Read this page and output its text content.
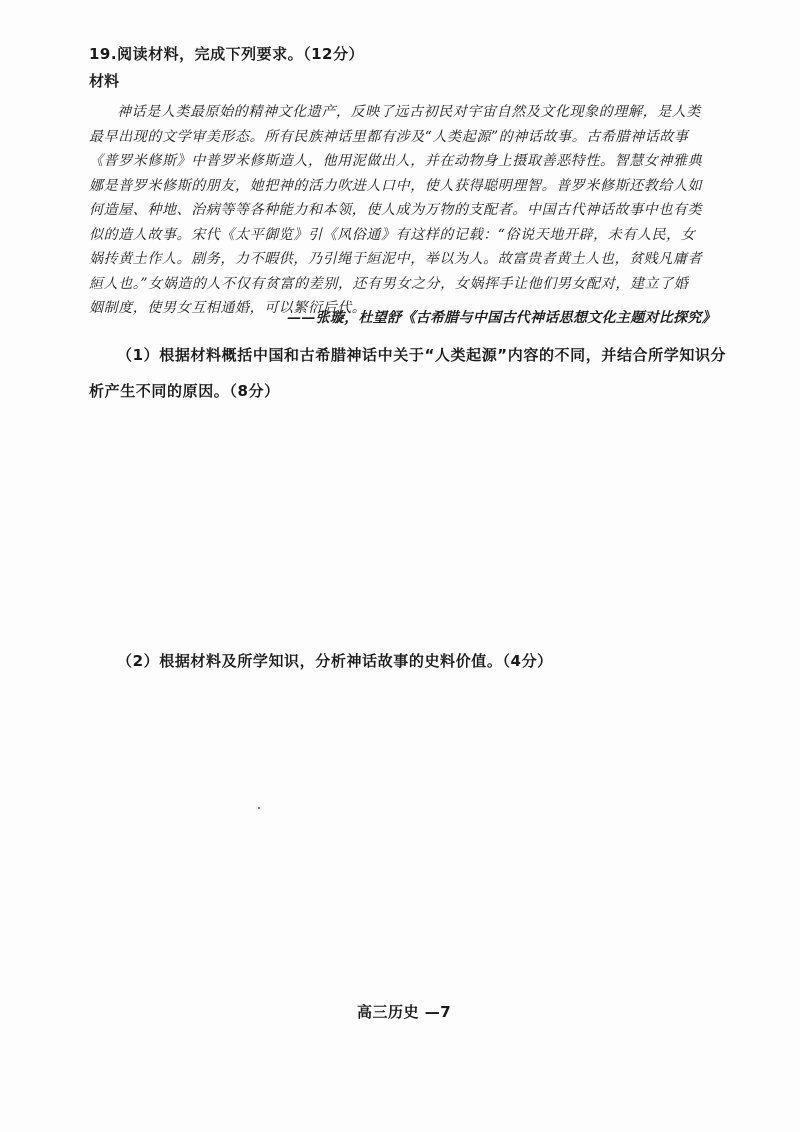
19.阅读材料，完成下列要求。（12分）
材料
神话是人类最原始的精神文化遗产，反映了远古初民对宇宙自然及文化现象的理解，是人类
最早出现的文学审美形态。所有民族神话里都有涉及“人类起源”的神话故事。古希腊神话故事
《普罗米修斯》中普罗米修斯造人，他用泥做出人，并在动物身上摄取善恶特性。智慧女神雅典
娜是普罗米修斯的朋友，她把神的活力吹进人口中，使人获得聪明理智。普罗米修斯还教给人如
何造屋、种地、治病等等各种能力和本领，使人成为万物的支配者。中国古代神话故事中也有类
似的造人故事。宋代《太平御览》引《风俗通》有这样的记载：“俗说天地开辟，未有人民，女
娲抟黄土作人。剧务，力不暇供，乃引绳于絙泥中，举以为人。故富贵者黄土人也，贫贱凡庸者
絙人也。”女娲造的人不仅有贫富的差别，还有男女之分，女娲挥手让他们男女配对，建立了婚
姻制度，使男女互相通婚，可以繁衍后代。
——张璇，杜望舒《古希腊与中国古代神话思想文化主题对比探究》
（1）根据材料概括中国和古希腊神话中关于“人类起源”内容的不同，并结合所学知识分
析产生不同的原因。（8分）
（2）根据材料及所学知识，分析神话故事的史料价值。（4分）
高三历史 —7
